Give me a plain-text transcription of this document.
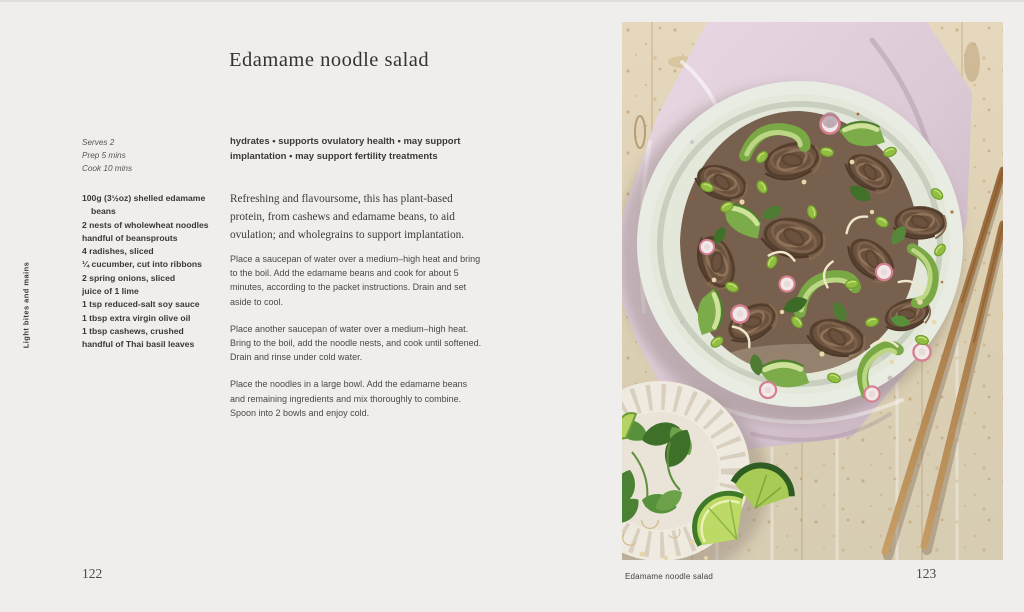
Light bites and mains
Edamame noodle salad
Serves 2
Prep 5 mins
Cook 10 mins
100g (3½oz) shelled edamame beans
2 nests of wholewheat noodles
handful of beansprouts
4 radishes, sliced
¼ cucumber, cut into ribbons
2 spring onions, sliced
juice of 1 lime
1 tsp reduced-salt soy sauce
1 tbsp extra virgin olive oil
1 tbsp cashews, crushed
handful of Thai basil leaves
hydrates • supports ovulatory health • may support implantation • may support fertility treatments
Refreshing and flavoursome, this has plant-based protein, from cashews and edamame beans, to aid ovulation; and wholegrains to support implantation.

Place a saucepan of water over a medium–high heat and bring to the boil. Add the edamame beans and cook for about 5 minutes, according to the packet instructions. Drain and set aside to cool.

Place another saucepan of water over a medium–high heat. Bring to the boil, add the noodle nests, and cook until softened. Drain and rinse under cold water.

Place the noodles in a large bowl. Add the edamame beans and remaining ingredients and mix thoroughly to combine. Spoon into 2 bowls and enjoy cold.

122	Edamame noodle salad	123
